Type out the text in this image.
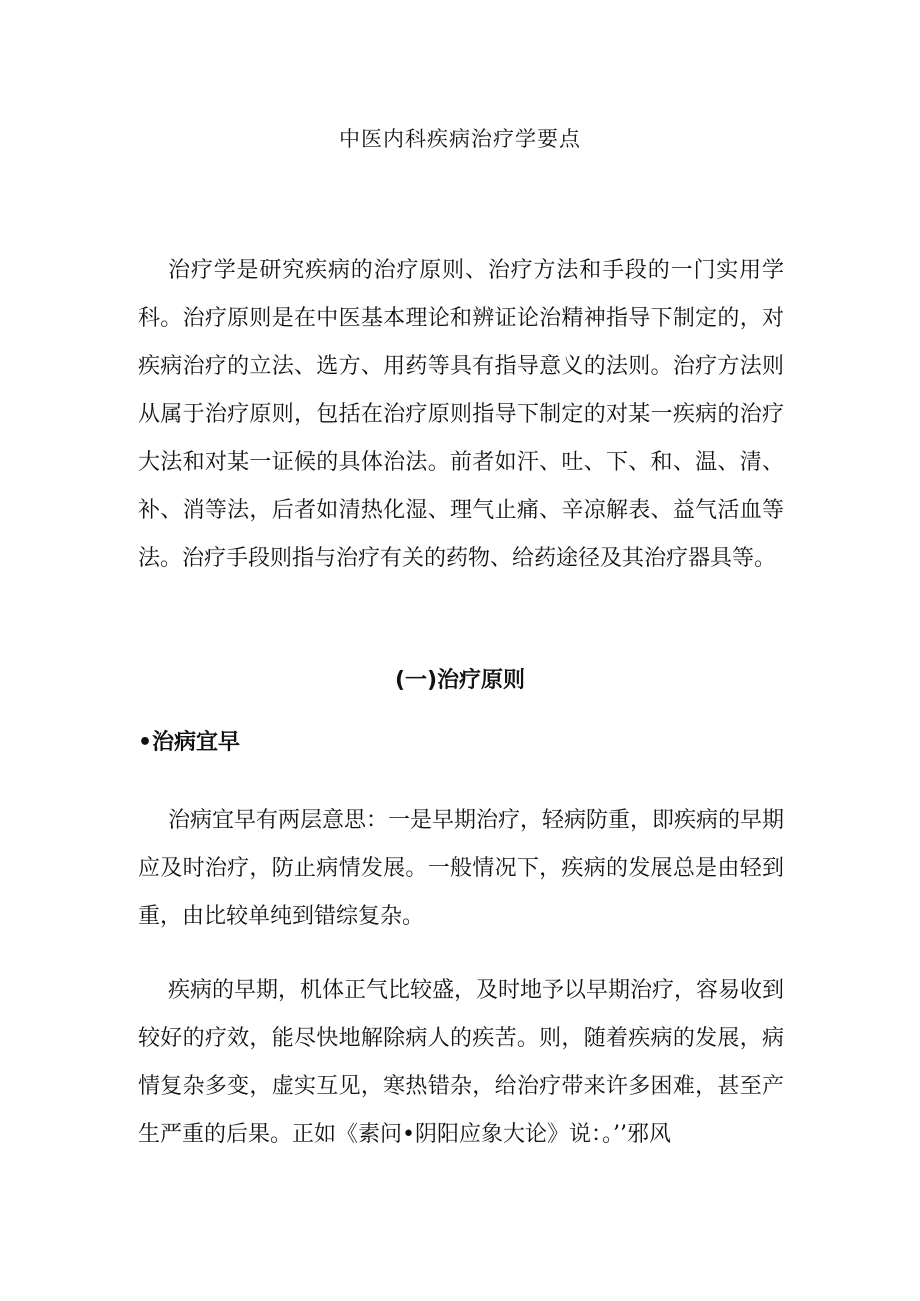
中医内科疾病治疗学要点

治疗学是研究疾病的治疗原则、治疗方法和手段的一门实用学科。治疗原则是在中医基本理论和辨证论治精神指导下制定的，对疾病治疗的立法、选方、用药等具有指导意义的法则。治疗方法则从属于治疗原则，包括在治疗原则指导下制定的对某一疾病的治疗大法和对某一证候的具体治法。前者如汗、吐、下、和、温、清、补、消等法，后者如清热化湿、理气止痛、辛凉解表、益气活血等法。治疗手段则指与治疗有关的药物、给药途径及其治疗器具等。

(一)治疗原则
•治病宜早

治病宜早有两层意思：一是早期治疗，轻病防重，即疾病的早期应及时治疗，防止病情发展。一般情况下，疾病的发展总是由轻到重，由比较单纯到错综复杂。

疾病的早期，机体正气比较盛，及时地予以早期治疗，容易收到较好的疗效，能尽快地解除病人的疾苦。则，随着疾病的发展，病情复杂多变，虚实互见，寒热错杂，给治疗带来许多困难，甚至产生严重的后果。正如《素问•阴阳应象大论》说：。’’邪风
